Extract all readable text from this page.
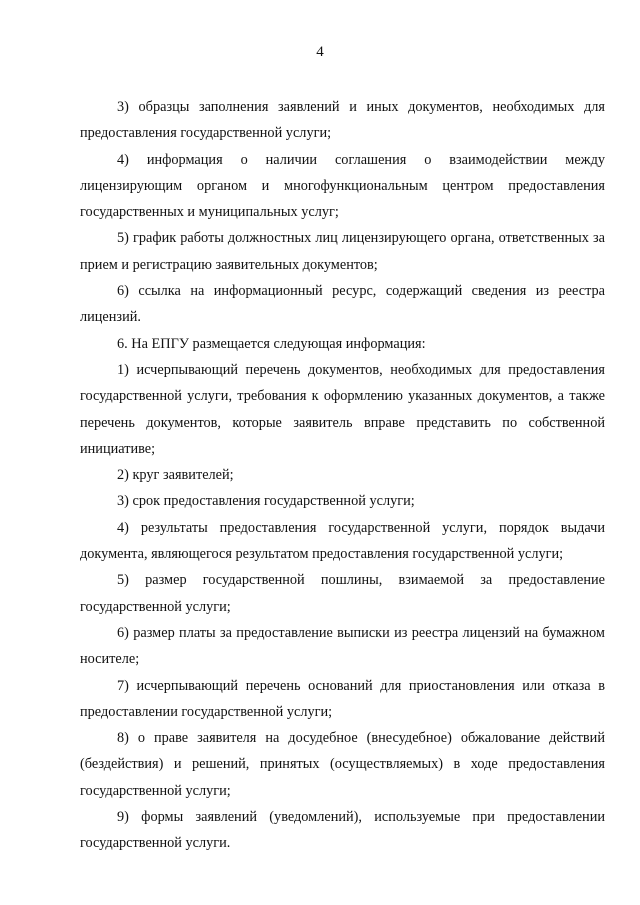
4

3) образцы заполнения заявлений и иных документов, необходимых для предоставления государственной услуги;

4) информация о наличии соглашения о взаимодействии между лицензирующим органом и многофункциональным центром предоставления государственных и муниципальных услуг;

5) график работы должностных лиц лицензирующего органа, ответственных за прием и регистрацию заявительных документов;

6) ссылка на информационный ресурс, содержащий сведения из реестра лицензий.

6. На ЕПГУ размещается следующая информация:

1) исчерпывающий перечень документов, необходимых для предоставления государственной услуги, требования к оформлению указанных документов, а также перечень документов, которые заявитель вправе представить по собственной инициативе;

2) круг заявителей;

3) срок предоставления государственной услуги;

4) результаты предоставления государственной услуги, порядок выдачи документа, являющегося результатом предоставления государственной услуги;

5) размер государственной пошлины, взимаемой за предоставление государственной услуги;

6) размер платы за предоставление выписки из реестра лицензий на бумажном носителе;

7) исчерпывающий перечень оснований для приостановления или отказа в предоставлении государственной услуги;

8) о праве заявителя на досудебное (внесудебное) обжалование действий (бездействия) и решений, принятых (осуществляемых) в ходе предоставления государственной услуги;

9) формы заявлений (уведомлений), используемые при предоставлении государственной услуги.
